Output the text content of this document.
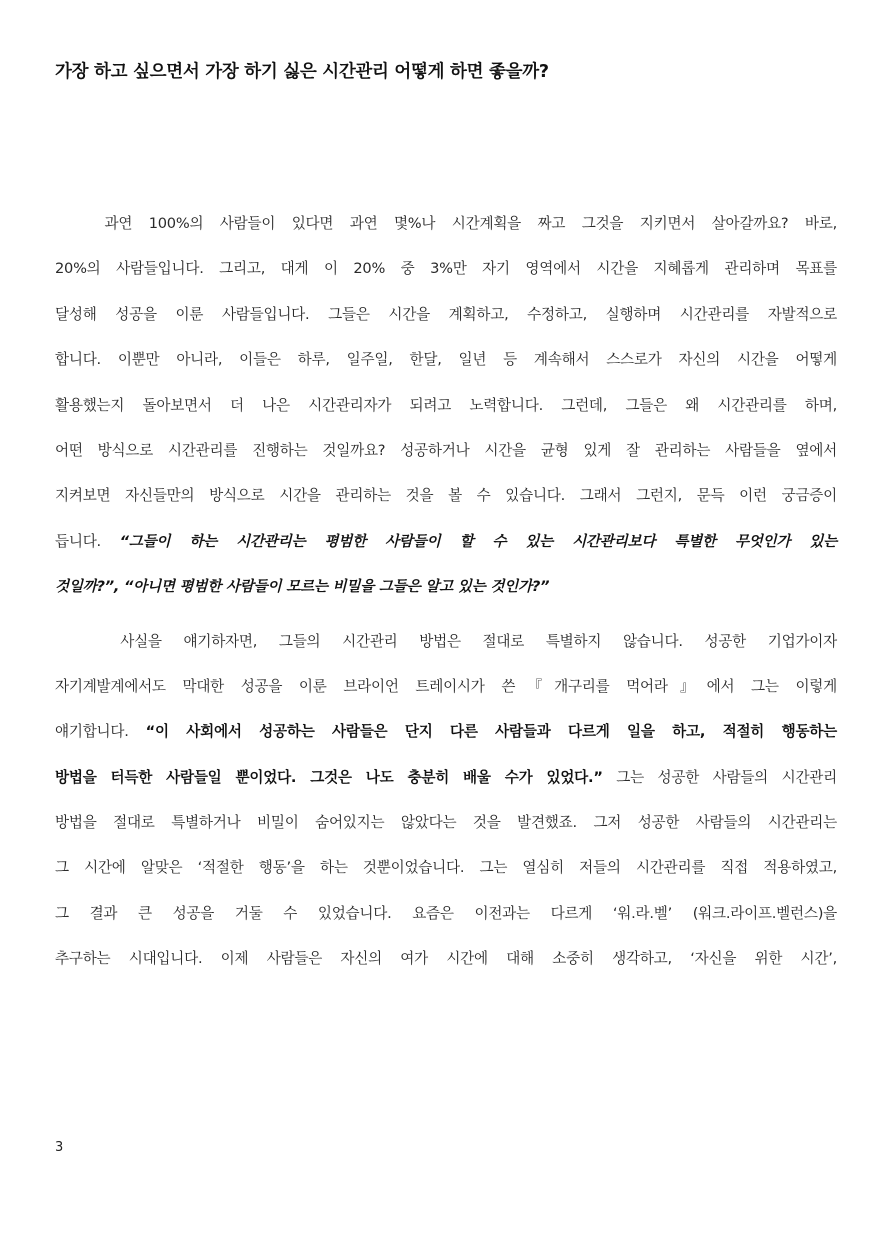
가장 하고 싶으면서 가장 하기 싫은 시간관리 어떻게 하면 좋을까?
과연 100%의 사람들이 있다면 과연 몇%나 시간계획을 짜고 그것을 지키면서 살아갈까요? 바로,
20%의 사람들입니다. 그리고, 대게 이 20% 중 3%만 자기 영역에서 시간을 지혜롭게 관리하며 목표를
달성해 성공을 이룬 사람들입니다. 그들은 시간을 계획하고, 수정하고, 실행하며 시간관리를 자발적으로
합니다. 이뿐만 아니라, 이들은 하루, 일주일, 한달, 일년 등 계속해서 스스로가 자신의 시간을 어떻게
활용했는지 돌아보면서 더 나은 시간관리자가 되려고 노력합니다. 그런데, 그들은 왜 시간관리를 하며,
어떤 방식으로 시간관리를 진행하는 것일까요? 성공하거나 시간을 균형 있게 잘 관리하는 사람들을 옆에서
지켜보면 자신들만의 방식으로 시간을 관리하는 것을 볼 수 있습니다. 그래서 그런지, 문득 이런 궁금증이
듭니다. “그들이 하는 시간관리는 평범한 사람들이 할 수 있는 시간관리보다 특별한 무엇인가 있는
것일까?”, “아니면 평범한 사람들이 모르는 비밀을 그들은 알고 있는 것인가?”
사실을 얘기하자면, 그들의 시간관리 방법은 절대로 특별하지 않습니다. 성공한 기업가이자
자기계발계에서도 막대한 성공을 이룬 브라이언 트레이시가 쓴『개구리를 먹어라』에서 그는 이렇게
얘기합니다. “이 사회에서 성공하는 사람들은 단지 다른 사람들과 다르게 일을 하고, 적절히 행동하는
방법을 터득한 사람들일 뿐이었다. 그것은 나도 충분히 배울 수가 있었다.” 그는 성공한 사람들의 시간관리
방법을 절대로 특별하거나 비밀이 숨어있지는 않았다는 것을 발견했죠. 그저 성공한 사람들의 시간관리는
그 시간에 알맞은 ‘적절한 행동’을 하는 것뿐이었습니다. 그는 열심히 저들의 시간관리를 직접 적용하였고,
그 결과 큰 성공을 거둘 수 있었습니다. 요즘은 이전과는 다르게 ‘워.라.벨’ (워크.라이프.벨런스)을
추구하는 시대입니다. 이제 사람들은 자신의 여가 시간에 대해 소중히 생각하고, ‘자신을 위한 시간’,

3
